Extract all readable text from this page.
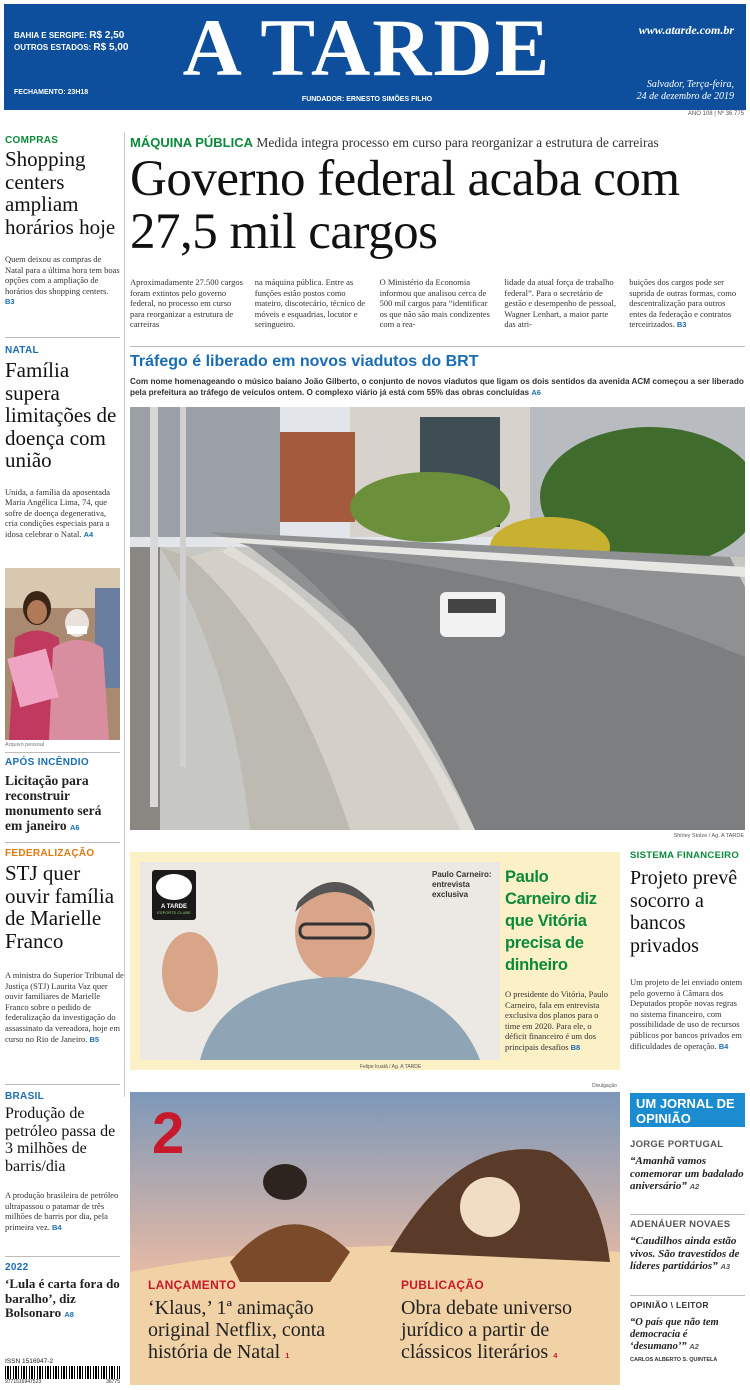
BAHIA E SERGIPE: R$ 2,50
OUTROS ESTADOS: R$ 5,00
FECHAMENTO: 23H18	A TARDE
FUNDADOR: ERNESTO SIMÕES FILHO
www.atarde.com.br
Salvador, Terça-feira,
24 de dezembro de 2019
ANO 108 | Nº 36.775
COMPRAS
Shopping centers ampliam horários hoje
Quem deixou as compras de Natal para a última hora tem boas opções com a ampliação de horários dos shopping centers. B3
NATAL
Família supera limitações de doença com união
Unida, a família da aposentada Maria Angélica Lima, 74, que sofre de doença degenerativa, cria condições especiais para a idosa celebrar o Natal. A4
Arquivo pessoal
APÓS INCÊNDIO
Licitação para reconstruir monumento será em janeiro A6
FEDERALIZAÇÃO
STJ quer ouvir família de Marielle Franco
A ministra do Superior Tribunal de Justiça (STJ) Laurita Vaz quer ouvir familiares de Marielle Franco sobre o pedido de federalização da investigação do assassinato da vereadora, hoje em curso no Rio de Janeiro. B5
BRASIL
Produção de petróleo passa de 3 milhões de barris/dia
A produção brasileira de petróleo ultrapassou o patamar de três milhões de barris por dia, pela primeira vez. B4
2022
‘Lula é carta fora do baralho’, diz Bolsonaro A8
ISSN 1516947-2
9771516947523	36775
MÁQUINA PÚBLICA Medida integra processo em curso para reorganizar a estrutura de carreiras
Governo federal acaba com 27,5 mil cargos
Aproximadamente 27.500 cargos foram extintos pelo governo federal, no processo em curso para reorganizar a estrutura de carreiras
na máquina pública. Entre as funções estão postos como mateiro, discotecário, técnico de móveis e esquadrias, locutor e seringueiro.
O Ministério da Economia informou que analisou cerca de 500 mil cargos para “identificar os que não são mais condizentes com a rea-
lidade da atual força de trabalho federal”. Para o secretário de gestão e desempenho de pessoal, Wagner Lenhart, a maior parte das atri-
buições dos cargos pode ser suprida de outras formas, como descentralização para outros entes da federação e contratos terceirizados. B3
Tráfego é liberado em novos viadutos do BRT
Com nome homenageando o músico baiano João Gilberto, o conjunto de novos viadutos que ligam os dois sentidos da avenida ACM começou a ser liberado pela prefeitura ao tráfego de veículos ontem. O complexo viário já está com 55% das obras concluídas A6
Shirley Stolze / Ag. A TARDE
A TARDE
ESPORTE CLUBE
Paulo Carneiro: entrevista exclusiva
Felipe Iruatã / Ag. A TARDE
Paulo Carneiro diz que Vitória precisa de dinheiro
O presidente do Vitória, Paulo Carneiro, fala em entrevista exclusiva dos planos para o time em 2020. Para ele, o déficit financeiro é um dos principais desafios B8
SISTEMA FINANCEIRO
Projeto prevê socorro a bancos privados
Um projeto de lei enviado ontem pelo governo à Câmara dos Deputados propõe novas regras no sistema financeiro, com possibilidade de uso de recursos públicos por bancos privados em dificuldades de operação. B4
Divulgação
2
LANÇAMENTO
‘Klaus,’ 1ª animação original Netflix, conta história de Natal 1
PUBLICAÇÃO
Obra debate universo jurídico a partir de clássicos literários 4
UM JORNAL DE OPINIÃO
JORGE PORTUGAL
“Amanhã vamos comemorar um badalado aniversário” A2
ADENÁUER NOVAES
“Caudilhos ainda estão vivos. São travestidos de líderes partidários” A3
OPINIÃO \ LEITOR
“O país que não tem democracia é ‘desumano’” A2
CARLOS ALBERTO S. QUINTELA
